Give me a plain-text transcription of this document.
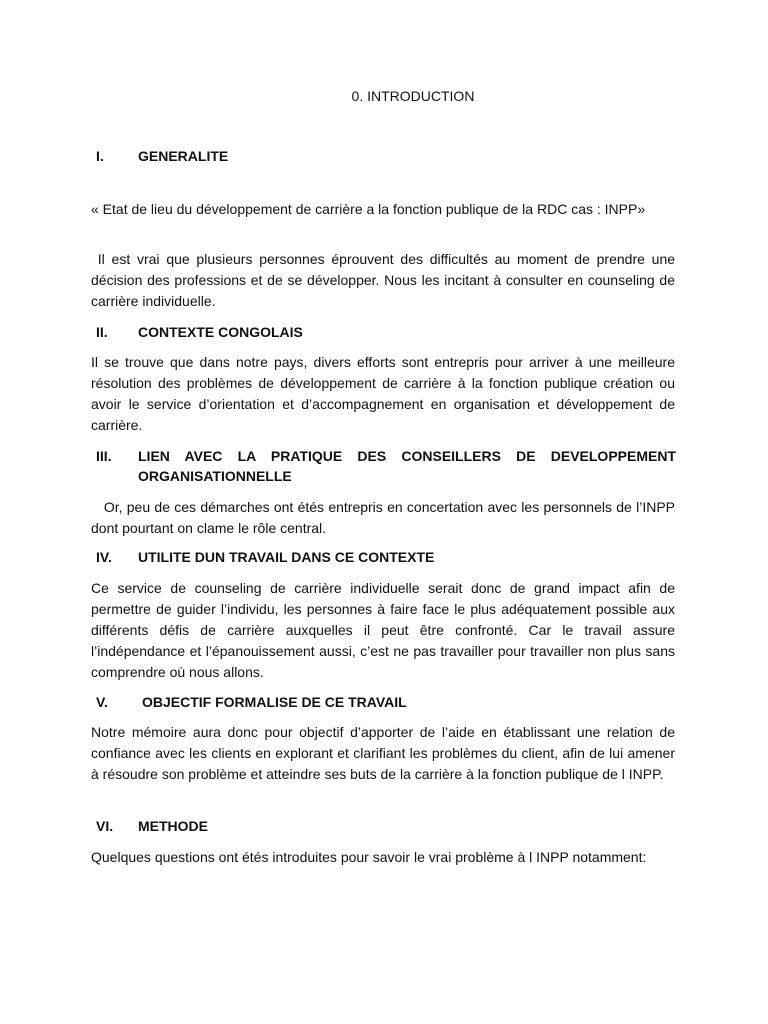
0. INTRODUCTION
I.	GENERALITE

« Etat de lieu du développement de carrière a la fonction publique de la RDC cas : INPP»

Il est vrai que plusieurs personnes éprouvent des difficultés au moment de prendre une décision des professions et de se développer. Nous les incitant à consulter en counseling de carrière individuelle.

II.	CONTEXTE CONGOLAIS

Il se trouve que dans notre pays, divers efforts sont entrepris pour arriver à une meilleure résolution des problèmes de développement de carrière à la fonction publique création ou avoir le service d’orientation et d’accompagnement en organisation et développement de carrière.

III.	LIEN AVEC LA PRATIQUE DES CONSEILLERS DE DEVELOPPEMENT ORGANISATIONNELLE

Or, peu de ces démarches ont étés entrepris en concertation avec les personnels de l’INPP dont pourtant on clame le rôle central.

IV.	UTILITE DUN TRAVAIL DANS CE CONTEXTE

Ce service de counseling de carrière individuelle serait donc de grand impact afin de permettre de guider l’individu, les personnes à faire face le plus adéquatement possible aux différents défis de carrière auxquelles il peut être confronté. Car le travail assure l’indépendance et l’épanouissement aussi, c’est ne pas travailler pour travailler non plus sans comprendre où nous allons.

V.	OBJECTIF FORMALISE DE CE TRAVAIL

Notre mémoire aura donc pour objectif d’apporter de l’aide en établissant une relation de confiance avec les clients en explorant et clarifiant les problèmes du client, afin de lui amener à résoudre son problème et atteindre ses buts de la carrière à la fonction publique de l INPP.

VI.	METHODE

Quelques questions ont étés introduites pour savoir le vrai problème à l INPP notamment:
